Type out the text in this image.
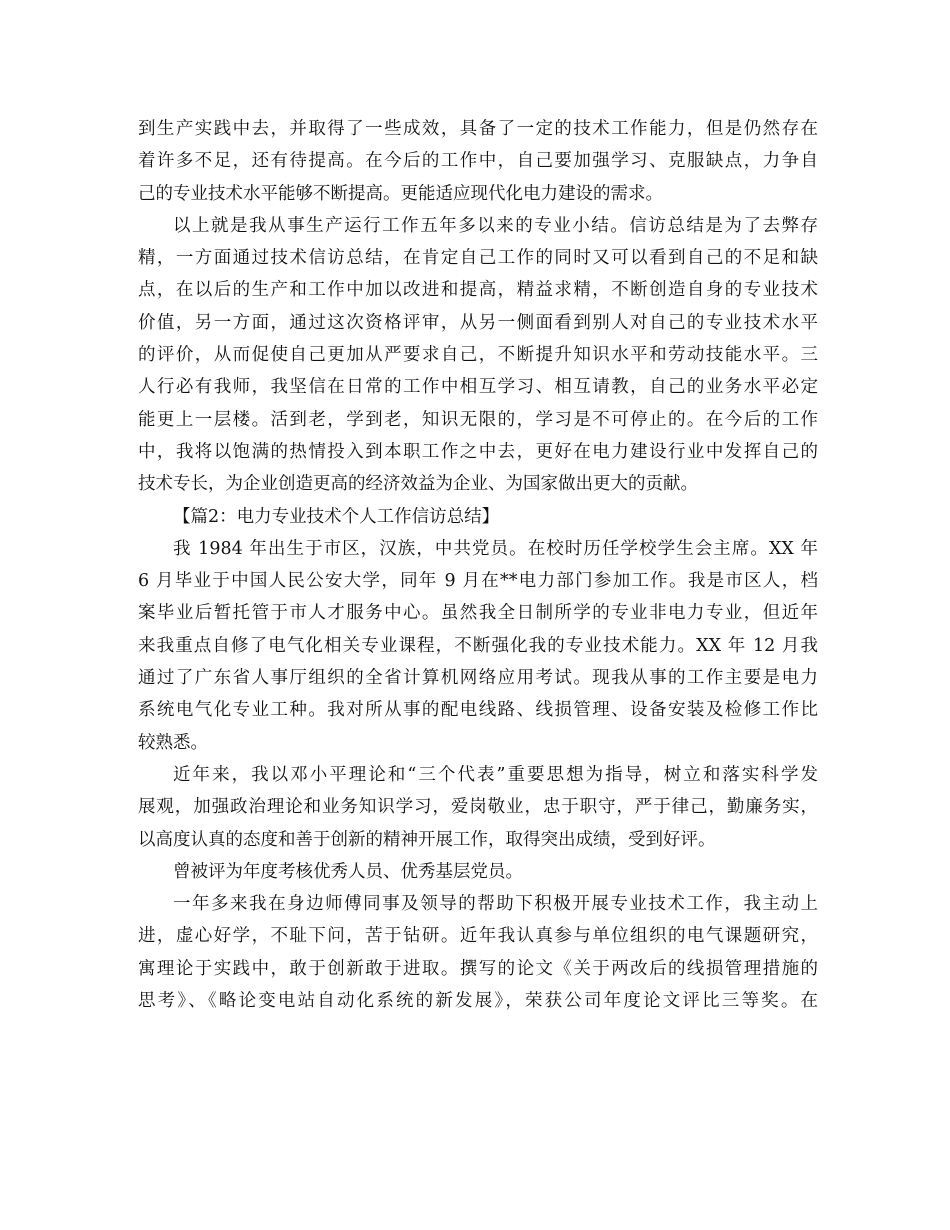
到生产实践中去，并取得了一些成效，具备了一定的技术工作能力，但是仍然存在
着许多不足，还有待提高。在今后的工作中，自己要加强学习、克服缺点，力争自
己的专业技术水平能够不断提高。更能适应现代化电力建设的需求。
以上就是我从事生产运行工作五年多以来的专业小结。信访总结是为了去弊存
精，一方面通过技术信访总结，在肯定自己工作的同时又可以看到自己的不足和缺
点，在以后的生产和工作中加以改进和提高，精益求精，不断创造自身的专业技术
价值，另一方面，通过这次资格评审，从另一侧面看到别人对自己的专业技术水平
的评价，从而促使自己更加从严要求自己，不断提升知识水平和劳动技能水平。三
人行必有我师，我坚信在日常的工作中相互学习、相互请教，自己的业务水平必定
能更上一层楼。活到老，学到老，知识无限的，学习是不可停止的。在今后的工作
中，我将以饱满的热情投入到本职工作之中去，更好在电力建设行业中发挥自己的
技术专长，为企业创造更高的经济效益为企业、为国家做出更大的贡献。
【篇2：电力专业技术个人工作信访总结】
我 1984 年出生于市区，汉族，中共党员。在校时历任学校学生会主席。XX 年
6 月毕业于中国人民公安大学，同年 9 月在**电力部门参加工作。我是市区人，档
案毕业后暂托管于市人才服务中心。虽然我全日制所学的专业非电力专业，但近年
来我重点自修了电气化相关专业课程，不断强化我的专业技术能力。XX 年 12 月我
通过了广东省人事厅组织的全省计算机网络应用考试。现我从事的工作主要是电力
系统电气化专业工种。我对所从事的配电线路、线损管理、设备安装及检修工作比
较熟悉。
近年来，我以邓小平理论和“三个代表”重要思想为指导，树立和落实科学发
展观，加强政治理论和业务知识学习，爱岗敬业，忠于职守，严于律己，勤廉务实，
以高度认真的态度和善于创新的精神开展工作，取得突出成绩，受到好评。
曾被评为年度考核优秀人员、优秀基层党员。
一年多来我在身边师傅同事及领导的帮助下积极开展专业技术工作，我主动上
进，虚心好学，不耻下问，苦于钻研。近年我认真参与单位组织的电气课题研究，
寓理论于实践中，敢于创新敢于进取。撰写的论文《关于两改后的线损管理措施的
思考》、《略论变电站自动化系统的新发展》，荣获公司年度论文评比三等奖。在
